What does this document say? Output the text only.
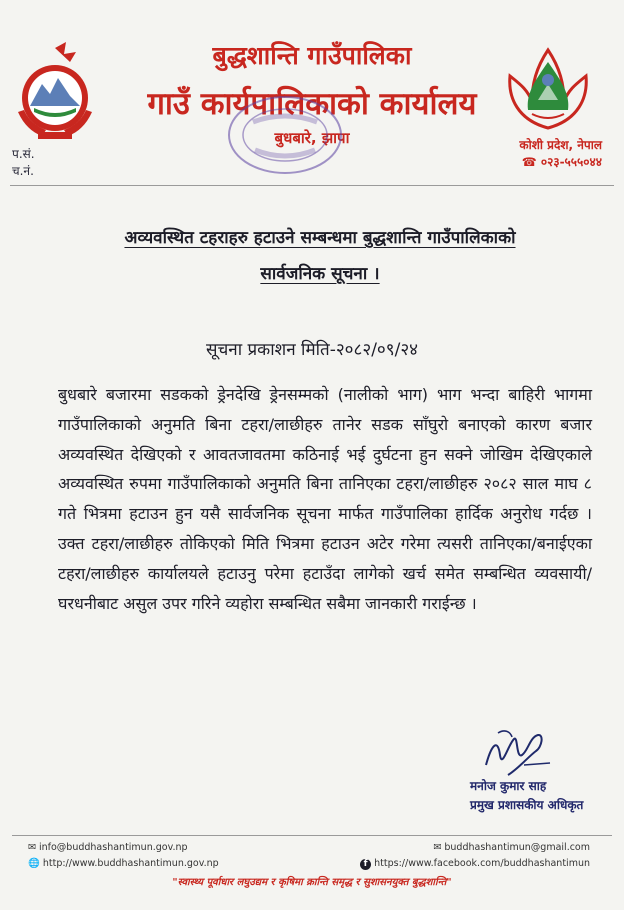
बुद्धशान्ति गाउँपालिका
गाउँ कार्यपालिकाको कार्यालय
बुधबारे, झापा
प.सं.
च.नं.
कोशी प्रदेश, नेपाल
☎ ०२३-५५५०४४
अव्यवस्थित टहराहरु हटाउने सम्बन्धमा बुद्धशान्ति गाउँपालिकाको
सार्वजनिक सूचना ।
सूचना प्रकाशन मिति-२०८२/०९/२४
बुधबारे बजारमा सडकको ड्रेनदेखि ड्रेनसम्मको (नालीको भाग) भाग भन्दा बाहिरी भागमा गाउँपालिकाको अनुमति बिना टहरा/लाछीहरु तानेर सडक साँघुरो बनाएको कारण बजार अव्यवस्थित देखिएको र आवतजावतमा कठिनाई भई दुर्घटना हुन सक्ने जोखिम देखिएकाले अव्यवस्थित रुपमा गाउँपालिकाको अनुमति बिना तानिएका टहरा/लाछीहरु २०८२ साल माघ ८ गते भित्रमा हटाउन हुन यसै सार्वजनिक सूचना मार्फत गाउँपालिका हार्दिक अनुरोध गर्दछ । उक्त टहरा/लाछीहरु तोकिएको मिति भित्रमा हटाउन अटेर गरेमा त्यसरी तानिएका/बनाईएका टहरा/लाछीहरु कार्यालयले हटाउनु परेमा हटाउँदा लागेको खर्च समेत सम्बन्धित व्यवसायी/घरधनीबाट असुल उपर गरिने व्यहोरा सम्बन्धित सबैमा जानकारी गराईन्छ ।
मनोज कुमार साह
प्रमुख प्रशासकीय अधिकृत
✉ info@buddhashantimun.gov.np
🌐 http://www.buddhashantimun.gov.np
✉ buddhashantimun@gmail.com
f https://www.facebook.com/buddhashantimun
"स्वास्थ्य पूर्वाधार लघुउद्यम र कृषिमा क्रान्ति समृद्ध र सुशासनयुक्त बुद्धशान्ति"
